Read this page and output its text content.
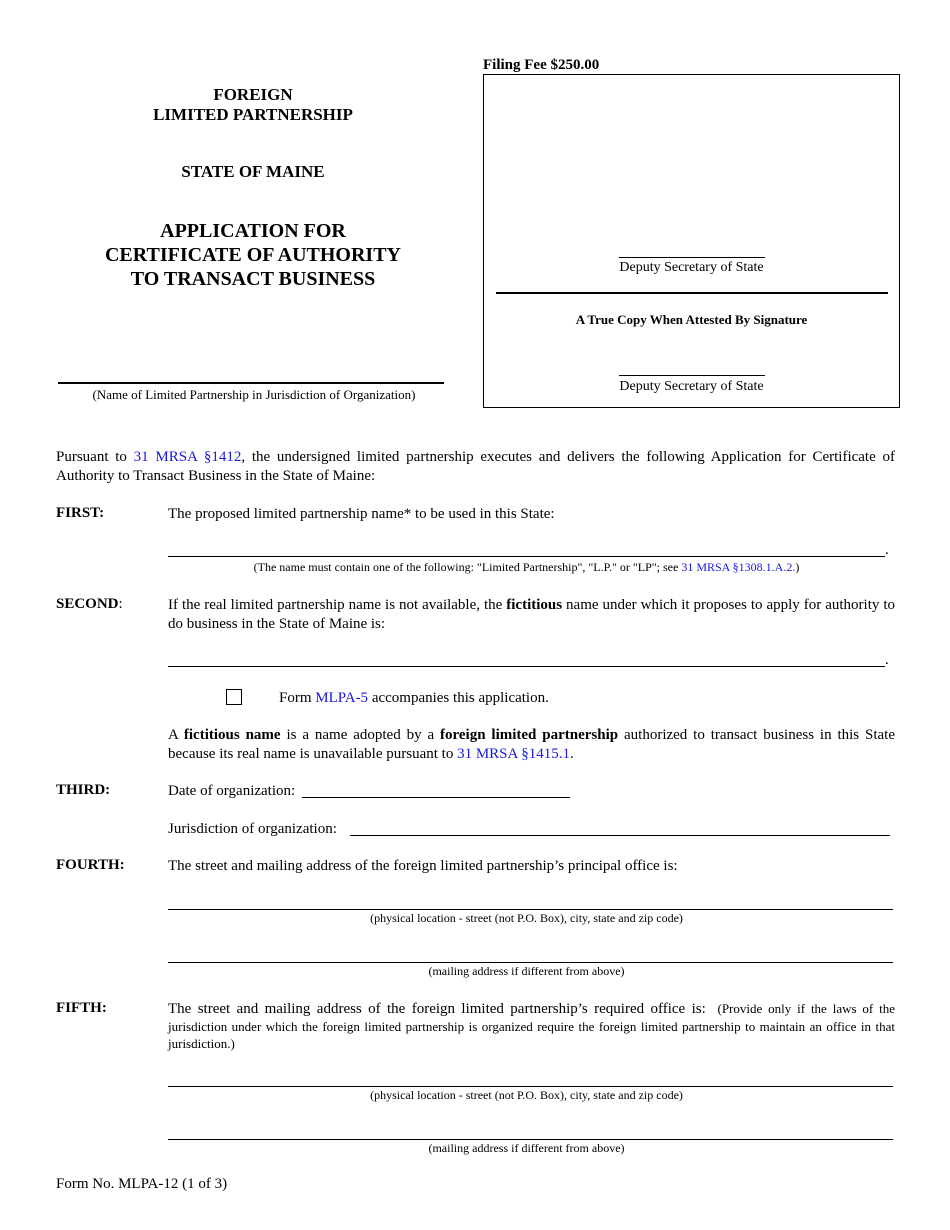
FOREIGN
LIMITED PARTNERSHIP
STATE OF MAINE
APPLICATION FOR
CERTIFICATE OF AUTHORITY
TO TRANSACT BUSINESS
(Name of Limited Partnership in Jurisdiction of Organization)
Filing Fee $250.00
Deputy Secretary of State
A True Copy When Attested By Signature
Deputy Secretary of State
Pursuant to 31 MRSA §1412, the undersigned limited partnership executes and delivers the following Application for Certificate of Authority to Transact Business in the State of Maine:
FIRST:	The proposed limited partnership name* to be used in this State:
.
(The name must contain one of the following: "Limited Partnership", "L.P." or "LP"; see 31 MRSA §1308.1.A.2.)
SECOND:	If the real limited partnership name is not available, the fictitious name under which it proposes to apply for authority to do business in the State of Maine is:
.
Form MLPA-5 accompanies this application.
A fictitious name is a name adopted by a foreign limited partnership authorized to transact business in this State because its real name is unavailable pursuant to 31 MRSA §1415.1.
THIRD:	Date of organization:
Jurisdiction of organization:
FOURTH:	The street and mailing address of the foreign limited partnership’s principal office is:
(physical location - street (not P.O. Box), city, state and zip code)
(mailing address if different from above)
FIFTH:	The street and mailing address of the foreign limited partnership’s required office is: (Provide only if the laws of the jurisdiction under which the foreign limited partnership is organized require the foreign limited partnership to maintain an office in that jurisdiction.)
(physical location - street (not P.O. Box), city, state and zip code)
(mailing address if different from above)
Form No. MLPA-12 (1 of 3)
